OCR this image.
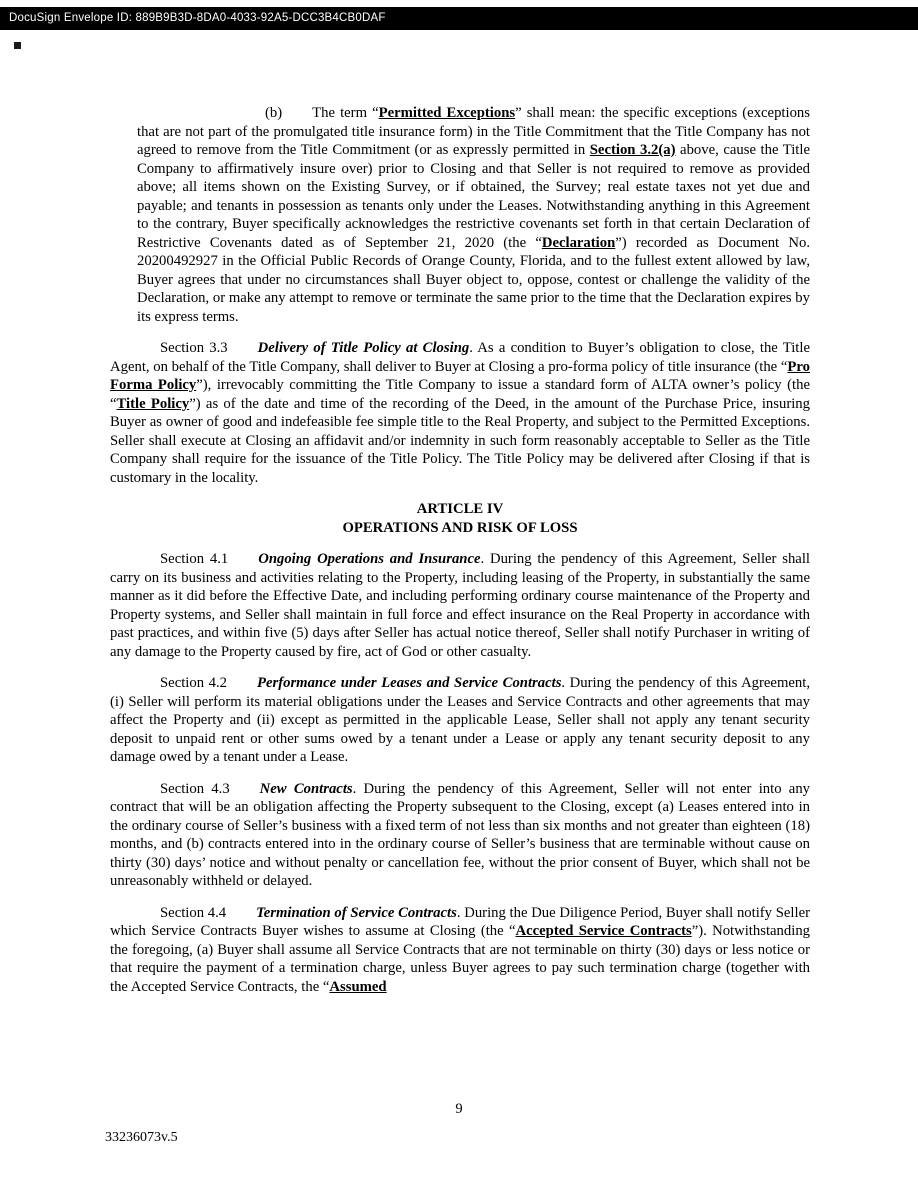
DocuSign Envelope ID: 889B9B3D-8DA0-4033-92A5-DCC3B4CB0DAF

(b) The term “Permitted Exceptions” shall mean: the specific exceptions (exceptions that are not part of the promulgated title insurance form) in the Title Commitment that the Title Company has not agreed to remove from the Title Commitment (or as expressly permitted in Section 3.2(a) above, cause the Title Company to affirmatively insure over) prior to Closing and that Seller is not required to remove as provided above; all items shown on the Existing Survey, or if obtained, the Survey; real estate taxes not yet due and payable; and tenants in possession as tenants only under the Leases. Notwithstanding anything in this Agreement to the contrary, Buyer specifically acknowledges the restrictive covenants set forth in that certain Declaration of Restrictive Covenants dated as of September 21, 2020 (the “Declaration”) recorded as Document No. 20200492927 in the Official Public Records of Orange County, Florida, and to the fullest extent allowed by law, Buyer agrees that under no circumstances shall Buyer object to, oppose, contest or challenge the validity of the Declaration, or make any attempt to remove or terminate the same prior to the time that the Declaration expires by its express terms.

Section 3.3 Delivery of Title Policy at Closing. As a condition to Buyer’s obligation to close, the Title Agent, on behalf of the Title Company, shall deliver to Buyer at Closing a pro-forma policy of title insurance (the “Pro Forma Policy”), irrevocably committing the Title Company to issue a standard form of ALTA owner’s policy (the “Title Policy”) as of the date and time of the recording of the Deed, in the amount of the Purchase Price, insuring Buyer as owner of good and indefeasible fee simple title to the Real Property, and subject to the Permitted Exceptions. Seller shall execute at Closing an affidavit and/or indemnity in such form reasonably acceptable to Seller as the Title Company shall require for the issuance of the Title Policy. The Title Policy may be delivered after Closing if that is customary in the locality.

ARTICLE IV

OPERATIONS AND RISK OF LOSS

Section 4.1 Ongoing Operations and Insurance. During the pendency of this Agreement, Seller shall carry on its business and activities relating to the Property, including leasing of the Property, in substantially the same manner as it did before the Effective Date, and including performing ordinary course maintenance of the Property and Property systems, and Seller shall maintain in full force and effect insurance on the Real Property in accordance with past practices, and within five (5) days after Seller has actual notice thereof, Seller shall notify Purchaser in writing of any damage to the Property caused by fire, act of God or other casualty.

Section 4.2 Performance under Leases and Service Contracts. During the pendency of this Agreement, (i) Seller will perform its material obligations under the Leases and Service Contracts and other agreements that may affect the Property and (ii) except as permitted in the applicable Lease, Seller shall not apply any tenant security deposit to unpaid rent or other sums owed by a tenant under a Lease or apply any tenant security deposit to any damage owed by a tenant under a Lease.

Section 4.3 New Contracts. During the pendency of this Agreement, Seller will not enter into any contract that will be an obligation affecting the Property subsequent to the Closing, except (a) Leases entered into in the ordinary course of Seller’s business with a fixed term of not less than six months and not greater than eighteen (18) months, and (b) contracts entered into in the ordinary course of Seller’s business that are terminable without cause on thirty (30) days’ notice and without penalty or cancellation fee, without the prior consent of Buyer, which shall not be unreasonably withheld or delayed.

Section 4.4 Termination of Service Contracts. During the Due Diligence Period, Buyer shall notify Seller which Service Contracts Buyer wishes to assume at Closing (the “Accepted Service Contracts”). Notwithstanding the foregoing, (a) Buyer shall assume all Service Contracts that are not terminable on thirty (30) days or less notice or that require the payment of a termination charge, unless Buyer agrees to pay such termination charge (together with the Accepted Service Contracts, the “Assumed

9
33236073v.5
